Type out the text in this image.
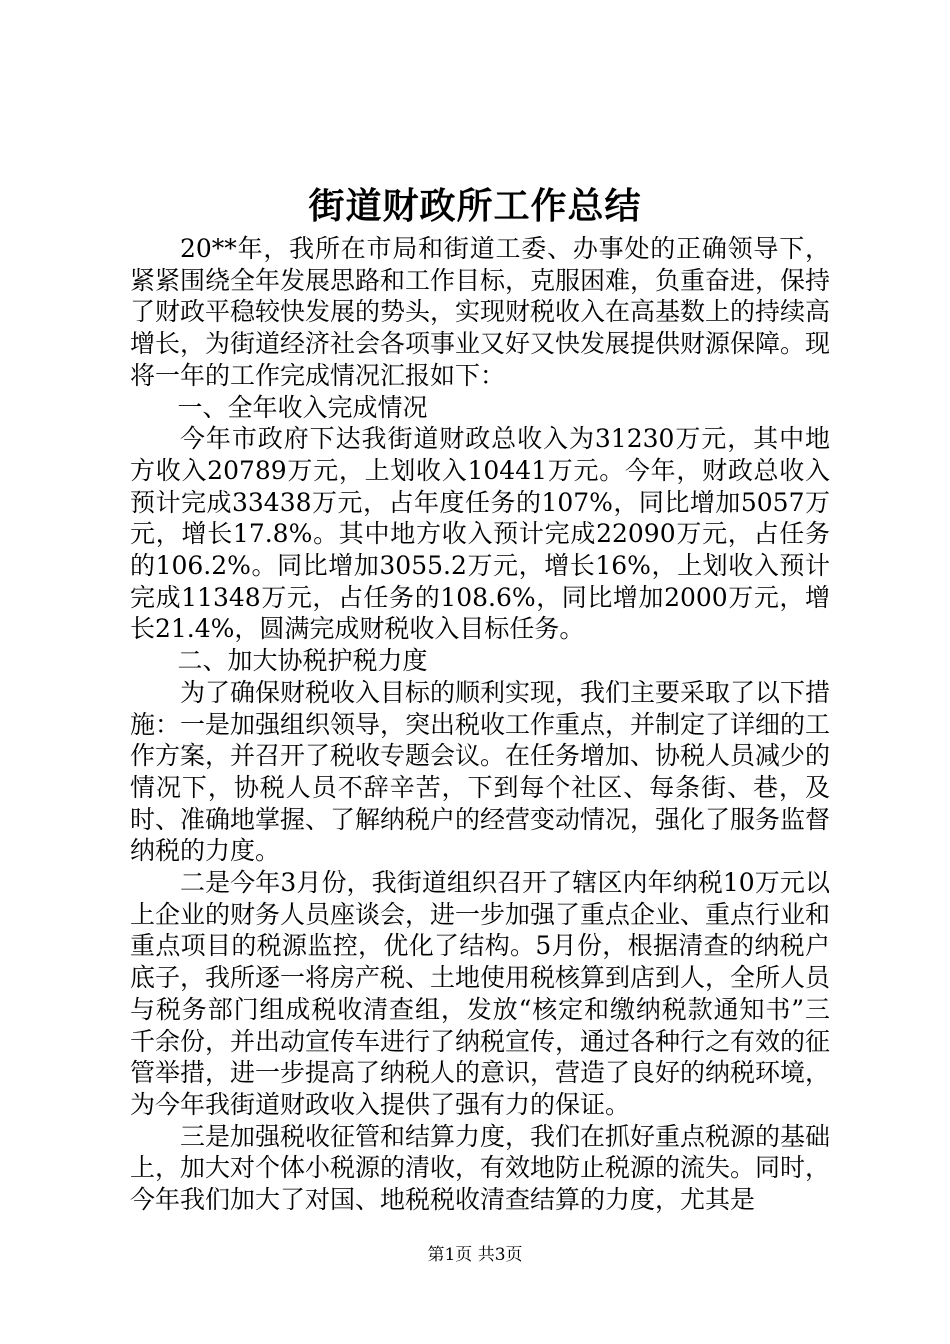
街道财政所工作总结

20**年，我所在市局和街道工委、办事处的正确领导下，紧紧围绕全年发展思路和工作目标，克服困难，负重奋进，保持了财政平稳较快发展的势头，实现财税收入在高基数上的持续高增长，为街道经济社会各项事业又好又快发展提供财源保障。现将一年的工作完成情况汇报如下：

一、全年收入完成情况

今年市政府下达我街道财政总收入为31230万元，其中地方收入20789万元，上划收入10441万元。今年，财政总收入预计完成33438万元，占年度任务的107%，同比增加5057万元，增长17.8%。其中地方收入预计完成22090万元，占任务的106.2%。同比增加3055.2万元，增长16%，上划收入预计完成11348万元，占任务的108.6%，同比增加2000万元，增长21.4%，圆满完成财税收入目标任务。

二、加大协税护税力度

为了确保财税收入目标的顺利实现，我们主要采取了以下措施：一是加强组织领导，突出税收工作重点，并制定了详细的工作方案，并召开了税收专题会议。在任务增加、协税人员减少的情况下，协税人员不辞辛苦，下到每个社区、每条街、巷，及时、准确地掌握、了解纳税户的经营变动情况，强化了服务监督纳税的力度。

二是今年3月份，我街道组织召开了辖区内年纳税10万元以上企业的财务人员座谈会，进一步加强了重点企业、重点行业和重点项目的税源监控，优化了结构。5月份，根据清查的纳税户底子，我所逐一将房产税、土地使用税核算到店到人，全所人员与税务部门组成税收清查组，发放“核定和缴纳税款通知书”三千余份，并出动宣传车进行了纳税宣传，通过各种行之有效的征管举措，进一步提高了纳税人的意识，营造了良好的纳税环境，为今年我街道财政收入提供了强有力的保证。

三是加强税收征管和结算力度，我们在抓好重点税源的基础上，加大对个体小税源的清收，有效地防止税源的流失。同时，今年我们加大了对国、地税税收清查结算的力度，尤其是

第1页 共3页
